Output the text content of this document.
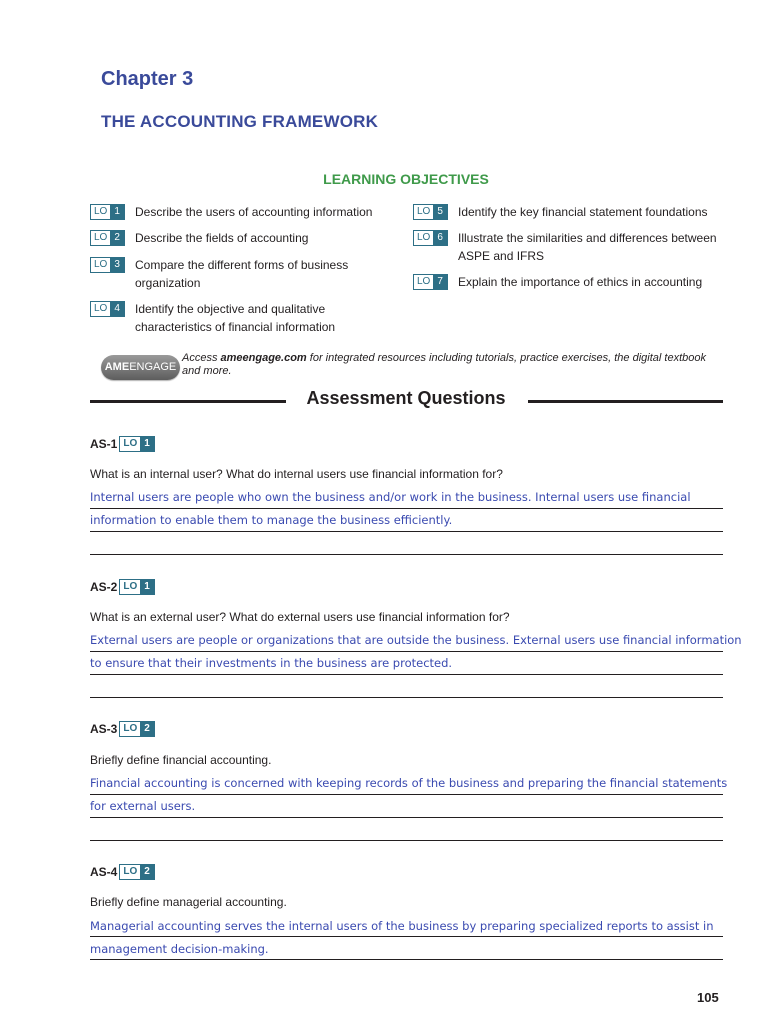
Chapter 3
THE ACCOUNTING FRAMEWORK
LEARNING OBJECTIVES
LO 1	Describe the users of accounting information
LO 2	Describe the fields of accounting
LO 3	Compare the different forms of business
organization
LO 4	Identify the objective and qualitative
characteristics of financial information
LO 5	Identify the key financial statement foundations
LO 6	Illustrate the similarities and differences between
ASPE and IFRS
LO 7	Explain the importance of ethics in accounting
AMEENGAGE
Access ameengage.com for integrated resources including tutorials, practice exercises, the digital textbook
and more.
Assessment Questions
AS-1 LO 1
What is an internal user? What do internal users use financial information for?
Internal users are people who own the business and/or work in the business. Internal users use financial
information to enable them to manage the business efficiently.
AS-2 LO 1
What is an external user? What do external users use financial information for?
External users are people or organizations that are outside the business. External users use financial information
to ensure that their investments in the business are protected.
AS-3 LO 2
Briefly define financial accounting.
Financial accounting is concerned with keeping records of the business and preparing the financial statements
for external users.
AS-4 LO 2
Briefly define managerial accounting.
Managerial accounting serves the internal users of the business by preparing specialized reports to assist in
management decision-making.
105
